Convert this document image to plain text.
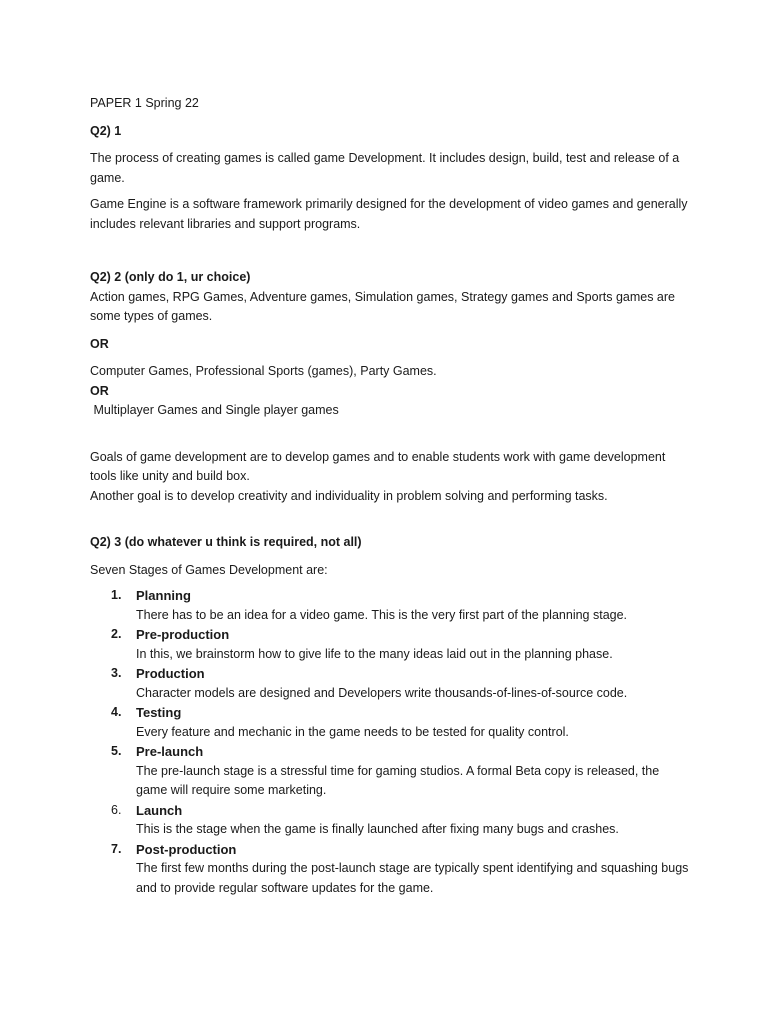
PAPER 1 Spring 22

Q2) 1

The process of creating games is called game Development. It includes design, build, test and release of a game.

Game Engine is a software framework primarily designed for the development of video games and generally includes relevant libraries and support programs.

Q2) 2 (only do 1, ur choice)

Action games, RPG Games, Adventure games, Simulation games, Strategy games and Sports games are some types of games.

OR

Computer Games, Professional Sports (games), Party Games.

OR

Multiplayer Games and Single player games

Goals of game development are to develop games and to enable students work with game development tools like unity and build box.

Another goal is to develop creativity and individuality in problem solving and performing tasks.

Q2) 3 (do whatever u think is required, not all)

Seven Stages of Games Development are:

1. Planning
There has to be an idea for a video game. This is the very first part of the planning stage.
2. Pre-production
In this, we brainstorm how to give life to the many ideas laid out in the planning phase.
3. Production
Character models are designed and Developers write thousands-of-lines-of-source code.
4. Testing
Every feature and mechanic in the game needs to be tested for quality control.
5. Pre-launch
The pre-launch stage is a stressful time for gaming studios. A formal Beta copy is released, the game will require some marketing.
6. Launch
This is the stage when the game is finally launched after fixing many bugs and crashes.
7. Post-production
The first few months during the post-launch stage are typically spent identifying and squashing bugs and to provide regular software updates for the game.
